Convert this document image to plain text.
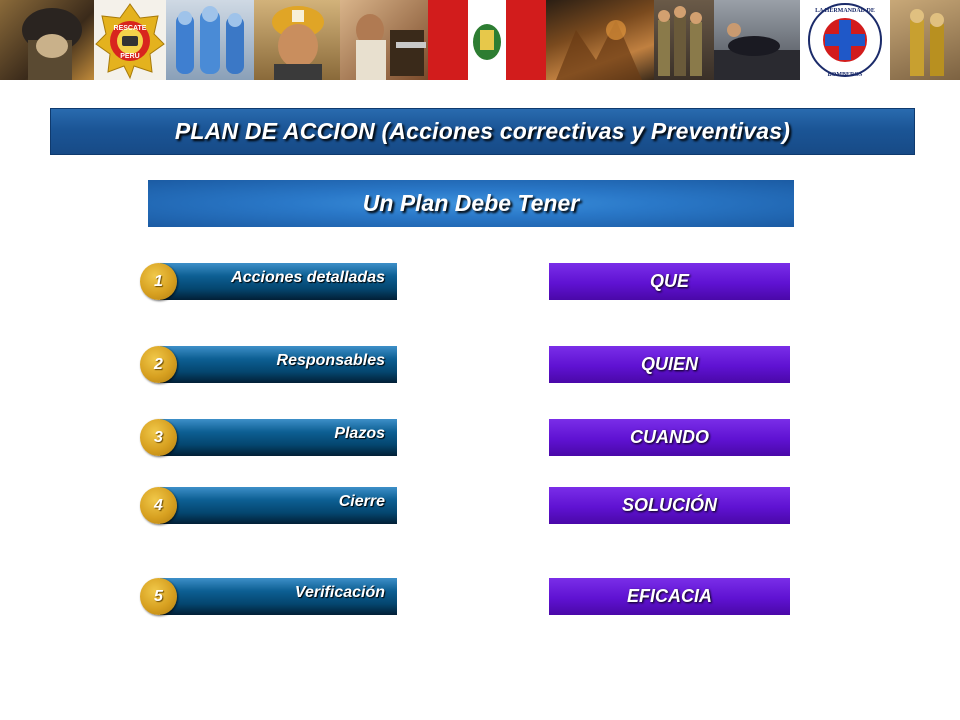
RESCATE
PERU
LA HERMANDAD DE
BOMBEROS
PLAN DE ACCION (Acciones correctivas y Preventivas)
Un Plan Debe Tener
Acciones detalladas
1
Responsables
2
Plazos
3
Cierre
4
Verificación
5
QUE
QUIEN
CUANDO
SOLUCIÓN
EFICACIA
